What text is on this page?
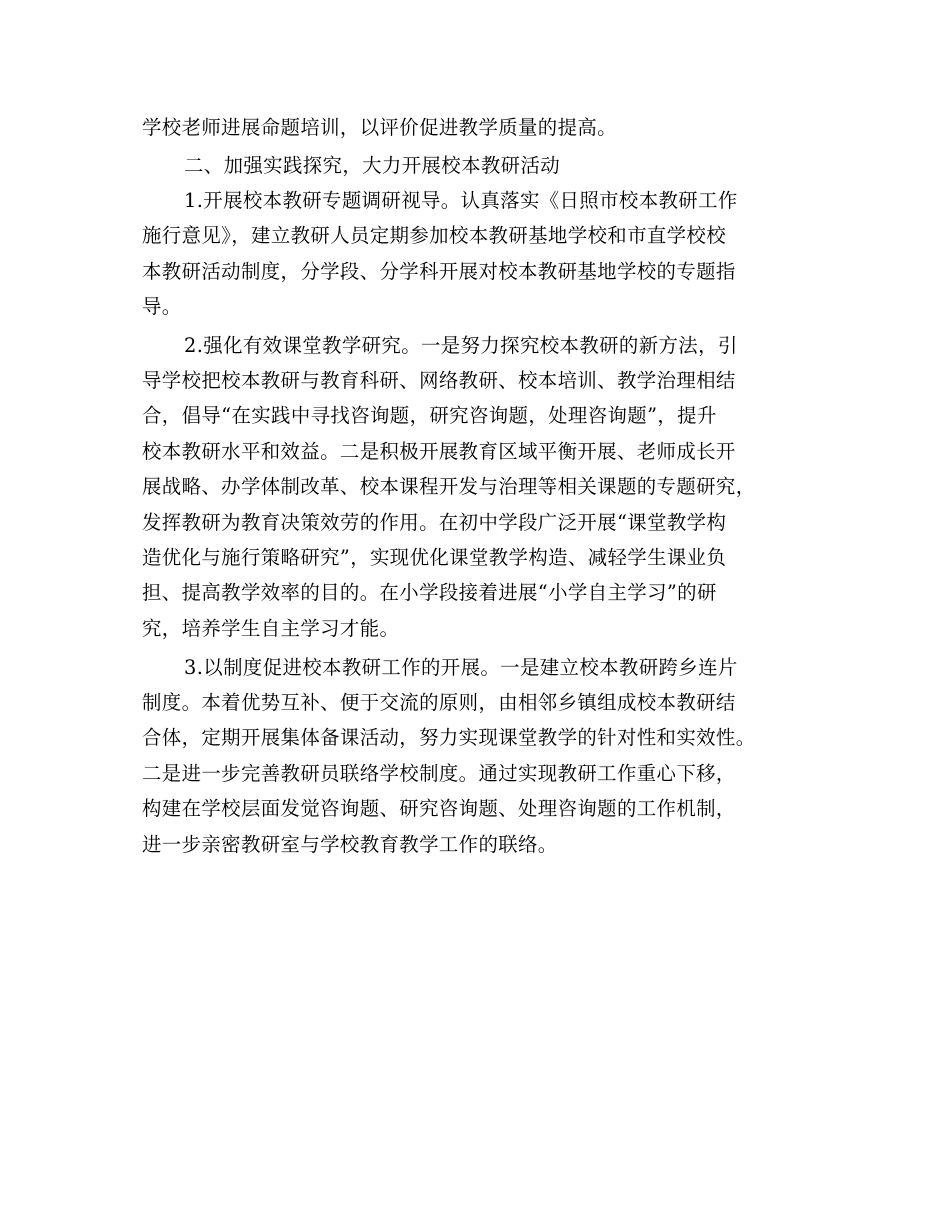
学校老师进展命题培训，以评价促进教学质量的提高。
二、加强实践探究，大力开展校本教研活动
1.开展校本教研专题调研视导。认真落实《日照市校本教研工作
施行意见》，建立教研人员定期参加校本教研基地学校和市直学校校
本教研活动制度，分学段、分学科开展对校本教研基地学校的专题指
导。
2.强化有效课堂教学研究。一是努力探究校本教研的新方法，引
导学校把校本教研与教育科研、网络教研、校本培训、教学治理相结
合，倡导“在实践中寻找咨询题，研究咨询题，处理咨询题”，提升
校本教研水平和效益。二是积极开展教育区域平衡开展、老师成长开
展战略、办学体制改革、校本课程开发与治理等相关课题的专题研究，
发挥教研为教育决策效劳的作用。在初中学段广泛开展“课堂教学构
造优化与施行策略研究”，实现优化课堂教学构造、减轻学生课业负
担、提高教学效率的目的。在小学段接着进展“小学自主学习”的研
究，培养学生自主学习才能。
3.以制度促进校本教研工作的开展。一是建立校本教研跨乡连片
制度。本着优势互补、便于交流的原则，由相邻乡镇组成校本教研结
合体，定期开展集体备课活动，努力实现课堂教学的针对性和实效性。
二是进一步完善教研员联络学校制度。通过实现教研工作重心下移，
构建在学校层面发觉咨询题、研究咨询题、处理咨询题的工作机制，
进一步亲密教研室与学校教育教学工作的联络。
